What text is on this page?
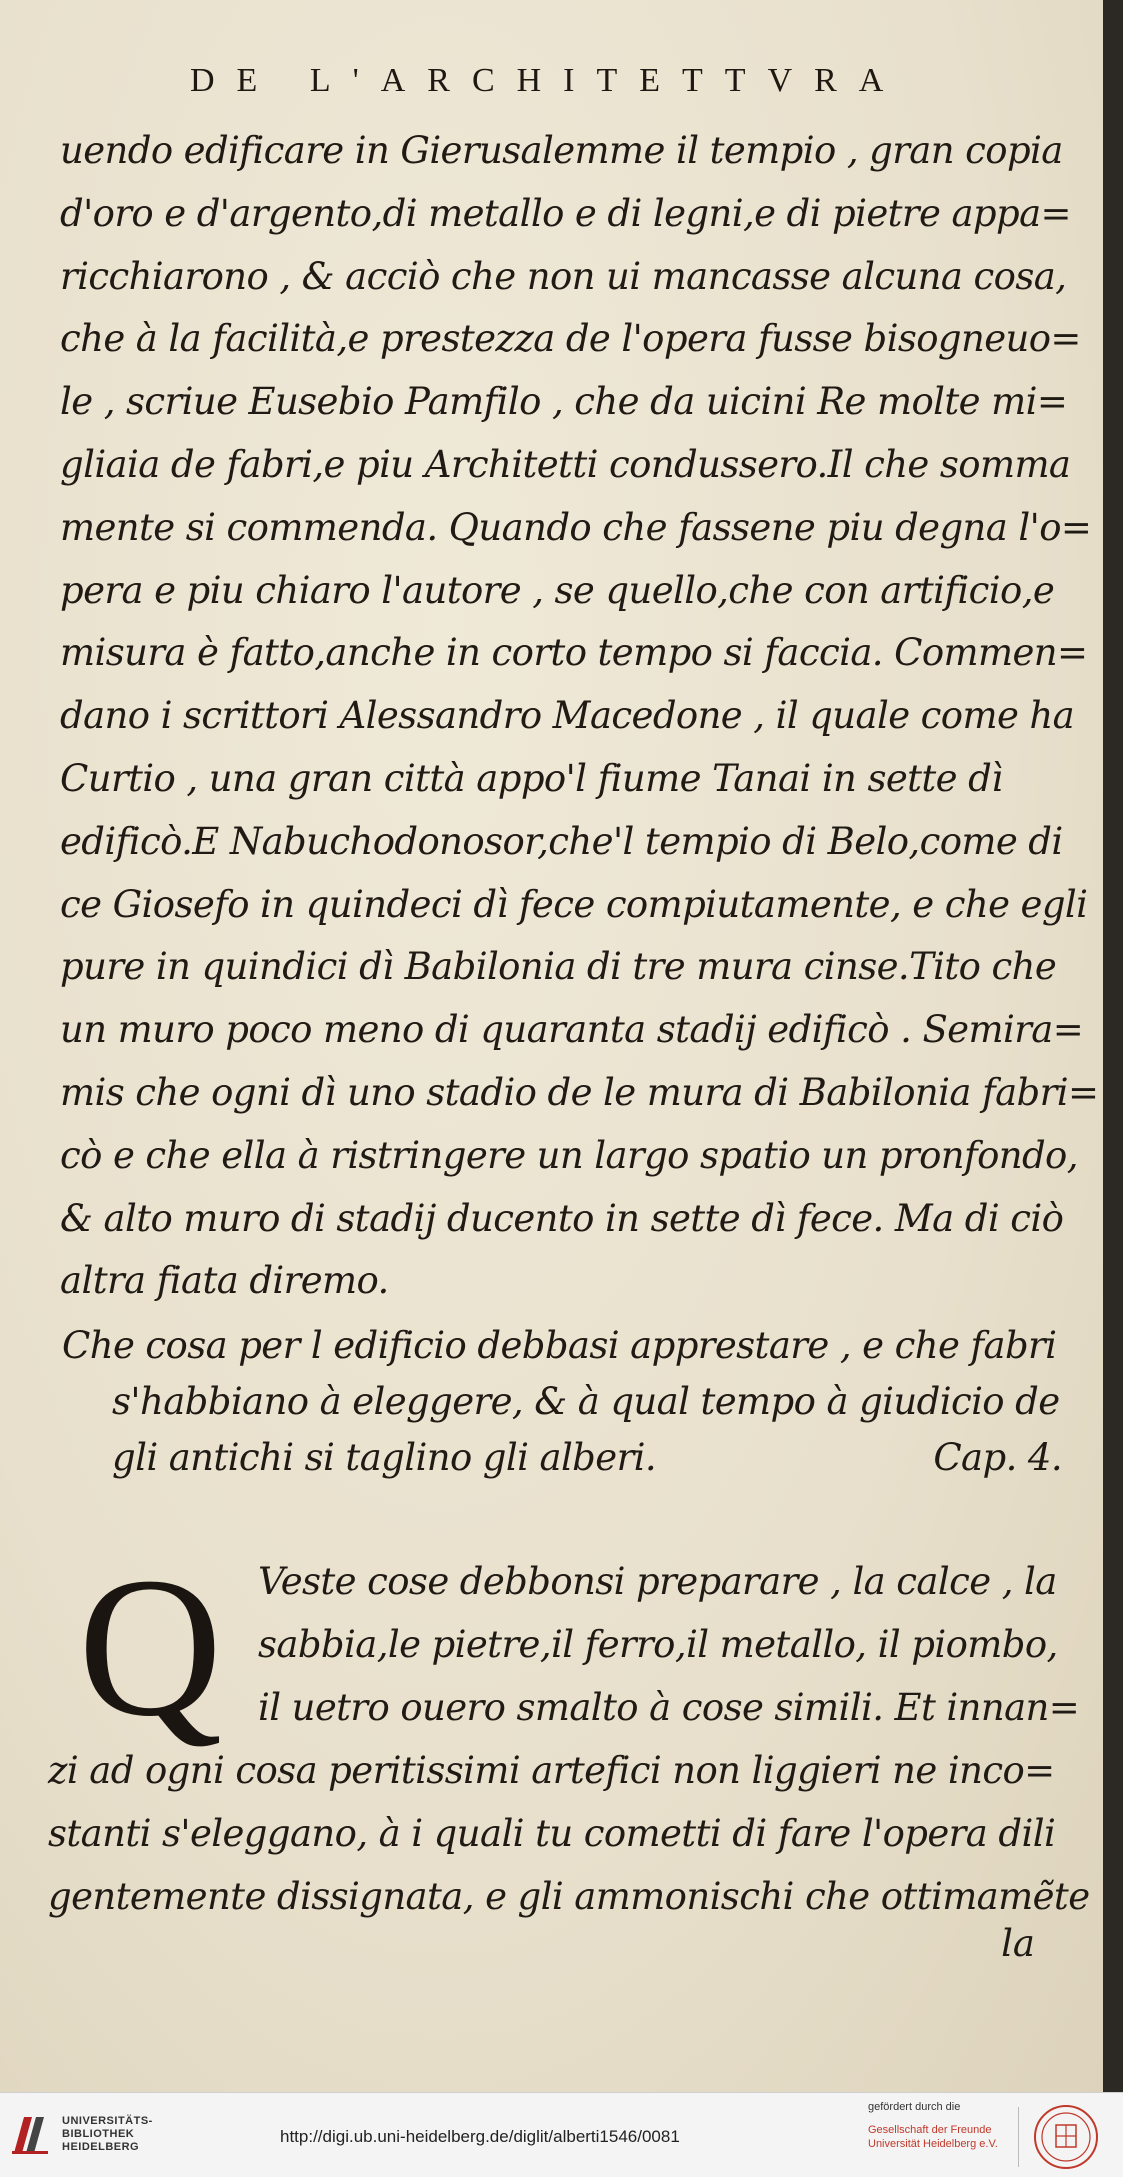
DE L'ARCHITETTVRA
uendo edificare in Gierusalemme il tempio , gran copia
d'oro e d'argento,di metallo e di legni,e di pietre appa=
ricchiarono , & acciò che non ui mancasse alcuna cosa,
che à la facilità,e prestezza de l'opera fusse bisogneuo=
le , scriue Eusebio Pamfilo , che da uicini Re molte mi=
gliaia de fabri,e piu Architetti condussero.Il che somma
mente si commenda. Quando che fassene piu degna l'o=
pera e piu chiaro l'autore , se quello,che con artificio,e
misura è fatto,anche in corto tempo si faccia. Commen=
dano i scrittori Alessandro Macedone , il quale come ha
Curtio , una gran città appo'l fiume Tanai in sette dì
edificò.E Nabuchodonosor,che'l tempio di Belo,come di
ce Giosefo in quindeci dì fece compiutamente, e che egli
pure in quindici dì Babilonia di tre mura cinse.Tito che
un muro poco meno di quaranta stadij edificò . Semira=
mis che ogni dì uno stadio de le mura di Babilonia fabri=
cò e che ella à ristringere un largo spatio un pronfondo,
& alto muro di stadij ducento in sette dì fece. Ma di ciò
altra fiata diremo.
Che cosa per l edificio debbasi apprestare , e che fabri
s'habbiano à eleggere, & à qual tempo à giudicio de
gli antichi si taglino gli alberi.	Cap. 4.
Q Veste cose debbonsi preparare , la calce , la
sabbia,le pietre,il ferro,il metallo, il piombo,
il uetro ouero smalto à cose simili. Et innan=
zi ad ogni cosa peritissimi artefici non liggieri ne inco=
stanti s'eleggano, à i quali tu cometti di fare l'opera dili
gentemente dissignata, e gli ammonischi che ottimamẽte
la
UNIVERSITÄTS-
BIBLIOTHEK
HEIDELBERG
http://digi.ub.uni-heidelberg.de/diglit/alberti1546/0081
gefördert durch die
Gesellschaft der Freunde
Universität Heidelberg e.V.
